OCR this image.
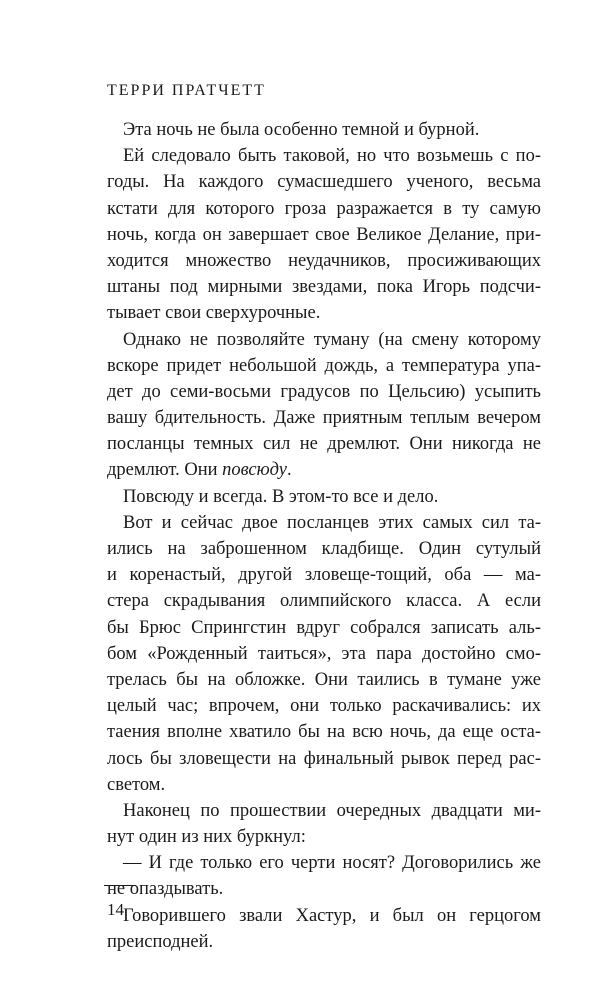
ТЕРРИ ПРАТЧЕТТ
Эта ночь не была особенно темной и бурной.
Ей следовало быть таковой, но что возьмешь с по-
годы. На каждого сумасшедшего ученого, весьма
кстати для которого гроза разражается в ту самую
ночь, когда он завершает свое Великое Делание, при-
ходится множество неудачников, просиживающих
штаны под мирными звездами, пока Игорь подсчи-
тывает свои сверхурочные.
Однако не позволяйте туману (на смену которому
вскоре придет небольшой дождь, а температура упа-
дет до семи-восьми градусов по Цельсию) усыпить
вашу бдительность. Даже приятным теплым вечером
посланцы темных сил не дремлют. Они никогда не
дремлют. Они повсюду.
Повсюду и всегда. В этом-то все и дело.
Вот и сейчас двое посланцев этих самых сил та-
ились на заброшенном кладбище. Один сутулый
и коренастый, другой зловеще-тощий, оба — ма-
стера скрадывания олимпийского класса. А если
бы Брюс Спрингстин вдруг собрался записать аль-
бом «Рожденный таиться», эта пара достойно смо-
трелась бы на обложке. Они таились в тумане уже
целый час; впрочем, они только раскачивались: их
таения вполне хватило бы на всю ночь, да еще оста-
лось бы зловещести на финальный рывок перед рас-
светом.
Наконец по прошествии очередных двадцати ми-
нут один из них буркнул:
— И где только его черти носят? Договорились же
не опаздывать.
Говорившего звали Хастур, и был он герцогом
преисподней.
14
